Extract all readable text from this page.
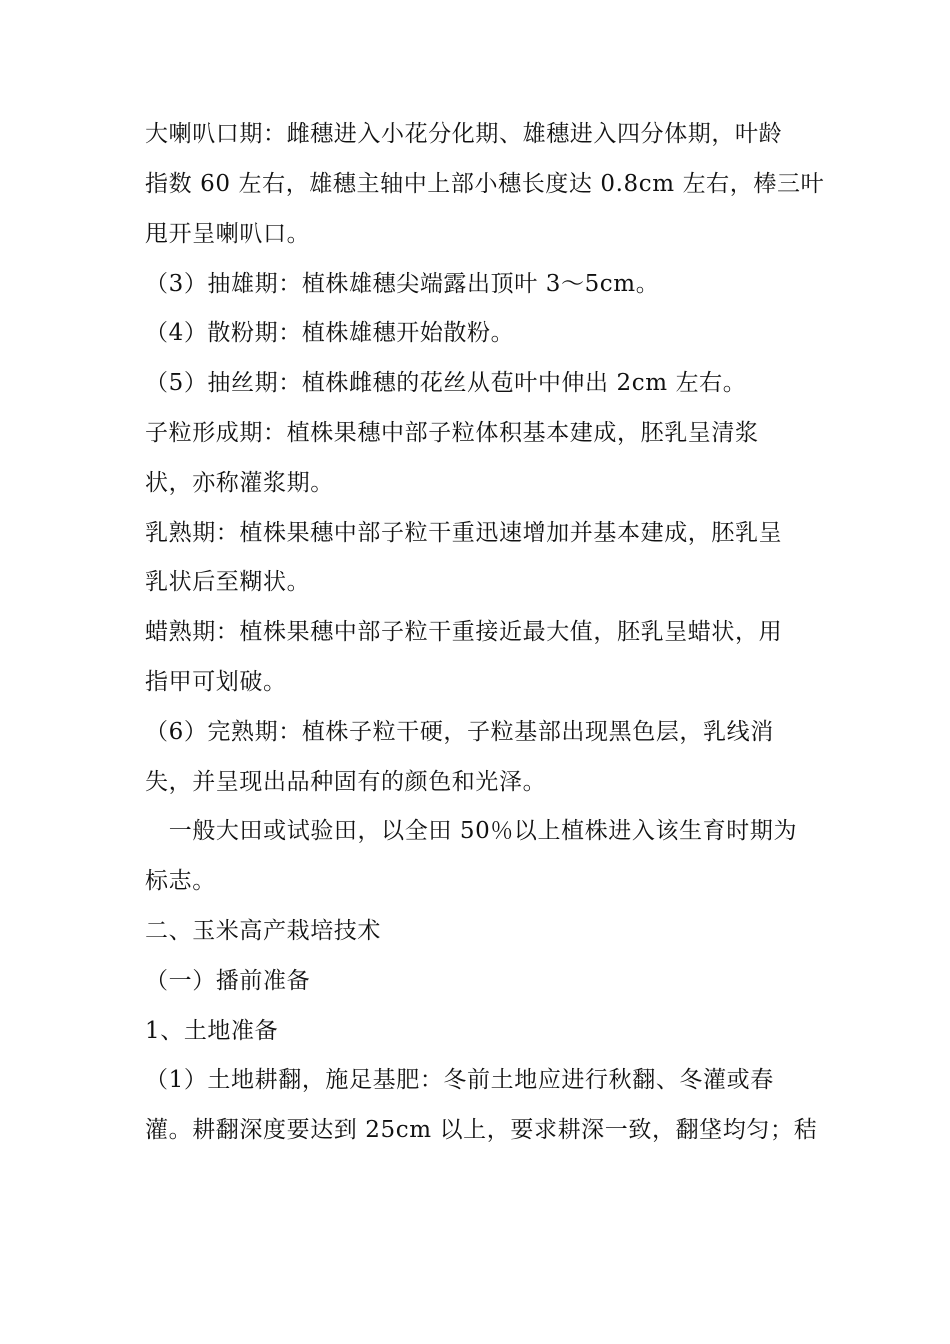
大喇叭口期：雌穗进入小花分化期、雄穗进入四分体期，叶龄
指数 60 左右，雄穗主轴中上部小穗长度达 0.8cm 左右，棒三叶
甩开呈喇叭口。
（3）抽雄期：植株雄穗尖端露出顶叶 3～5cm。
（4）散粉期：植株雄穗开始散粉。
（5）抽丝期：植株雌穗的花丝从苞叶中伸出 2cm 左右。
子粒形成期：植株果穗中部子粒体积基本建成，胚乳呈清浆
状，亦称灌浆期。
乳熟期：植株果穗中部子粒干重迅速增加并基本建成，胚乳呈
乳状后至糊状。
蜡熟期：植株果穗中部子粒干重接近最大值，胚乳呈蜡状，用
指甲可划破。
（6）完熟期：植株子粒干硬，子粒基部出现黑色层，乳线消
失，并呈现出品种固有的颜色和光泽。
一般大田或试验田，以全田 50％以上植株进入该生育时期为
标志。
二、玉米高产栽培技术
（一）播前准备
1、土地准备
（1）土地耕翻，施足基肥：冬前土地应进行秋翻、冬灌或春
灌。耕翻深度要达到 25cm 以上，要求耕深一致，翻垡均匀；秸
